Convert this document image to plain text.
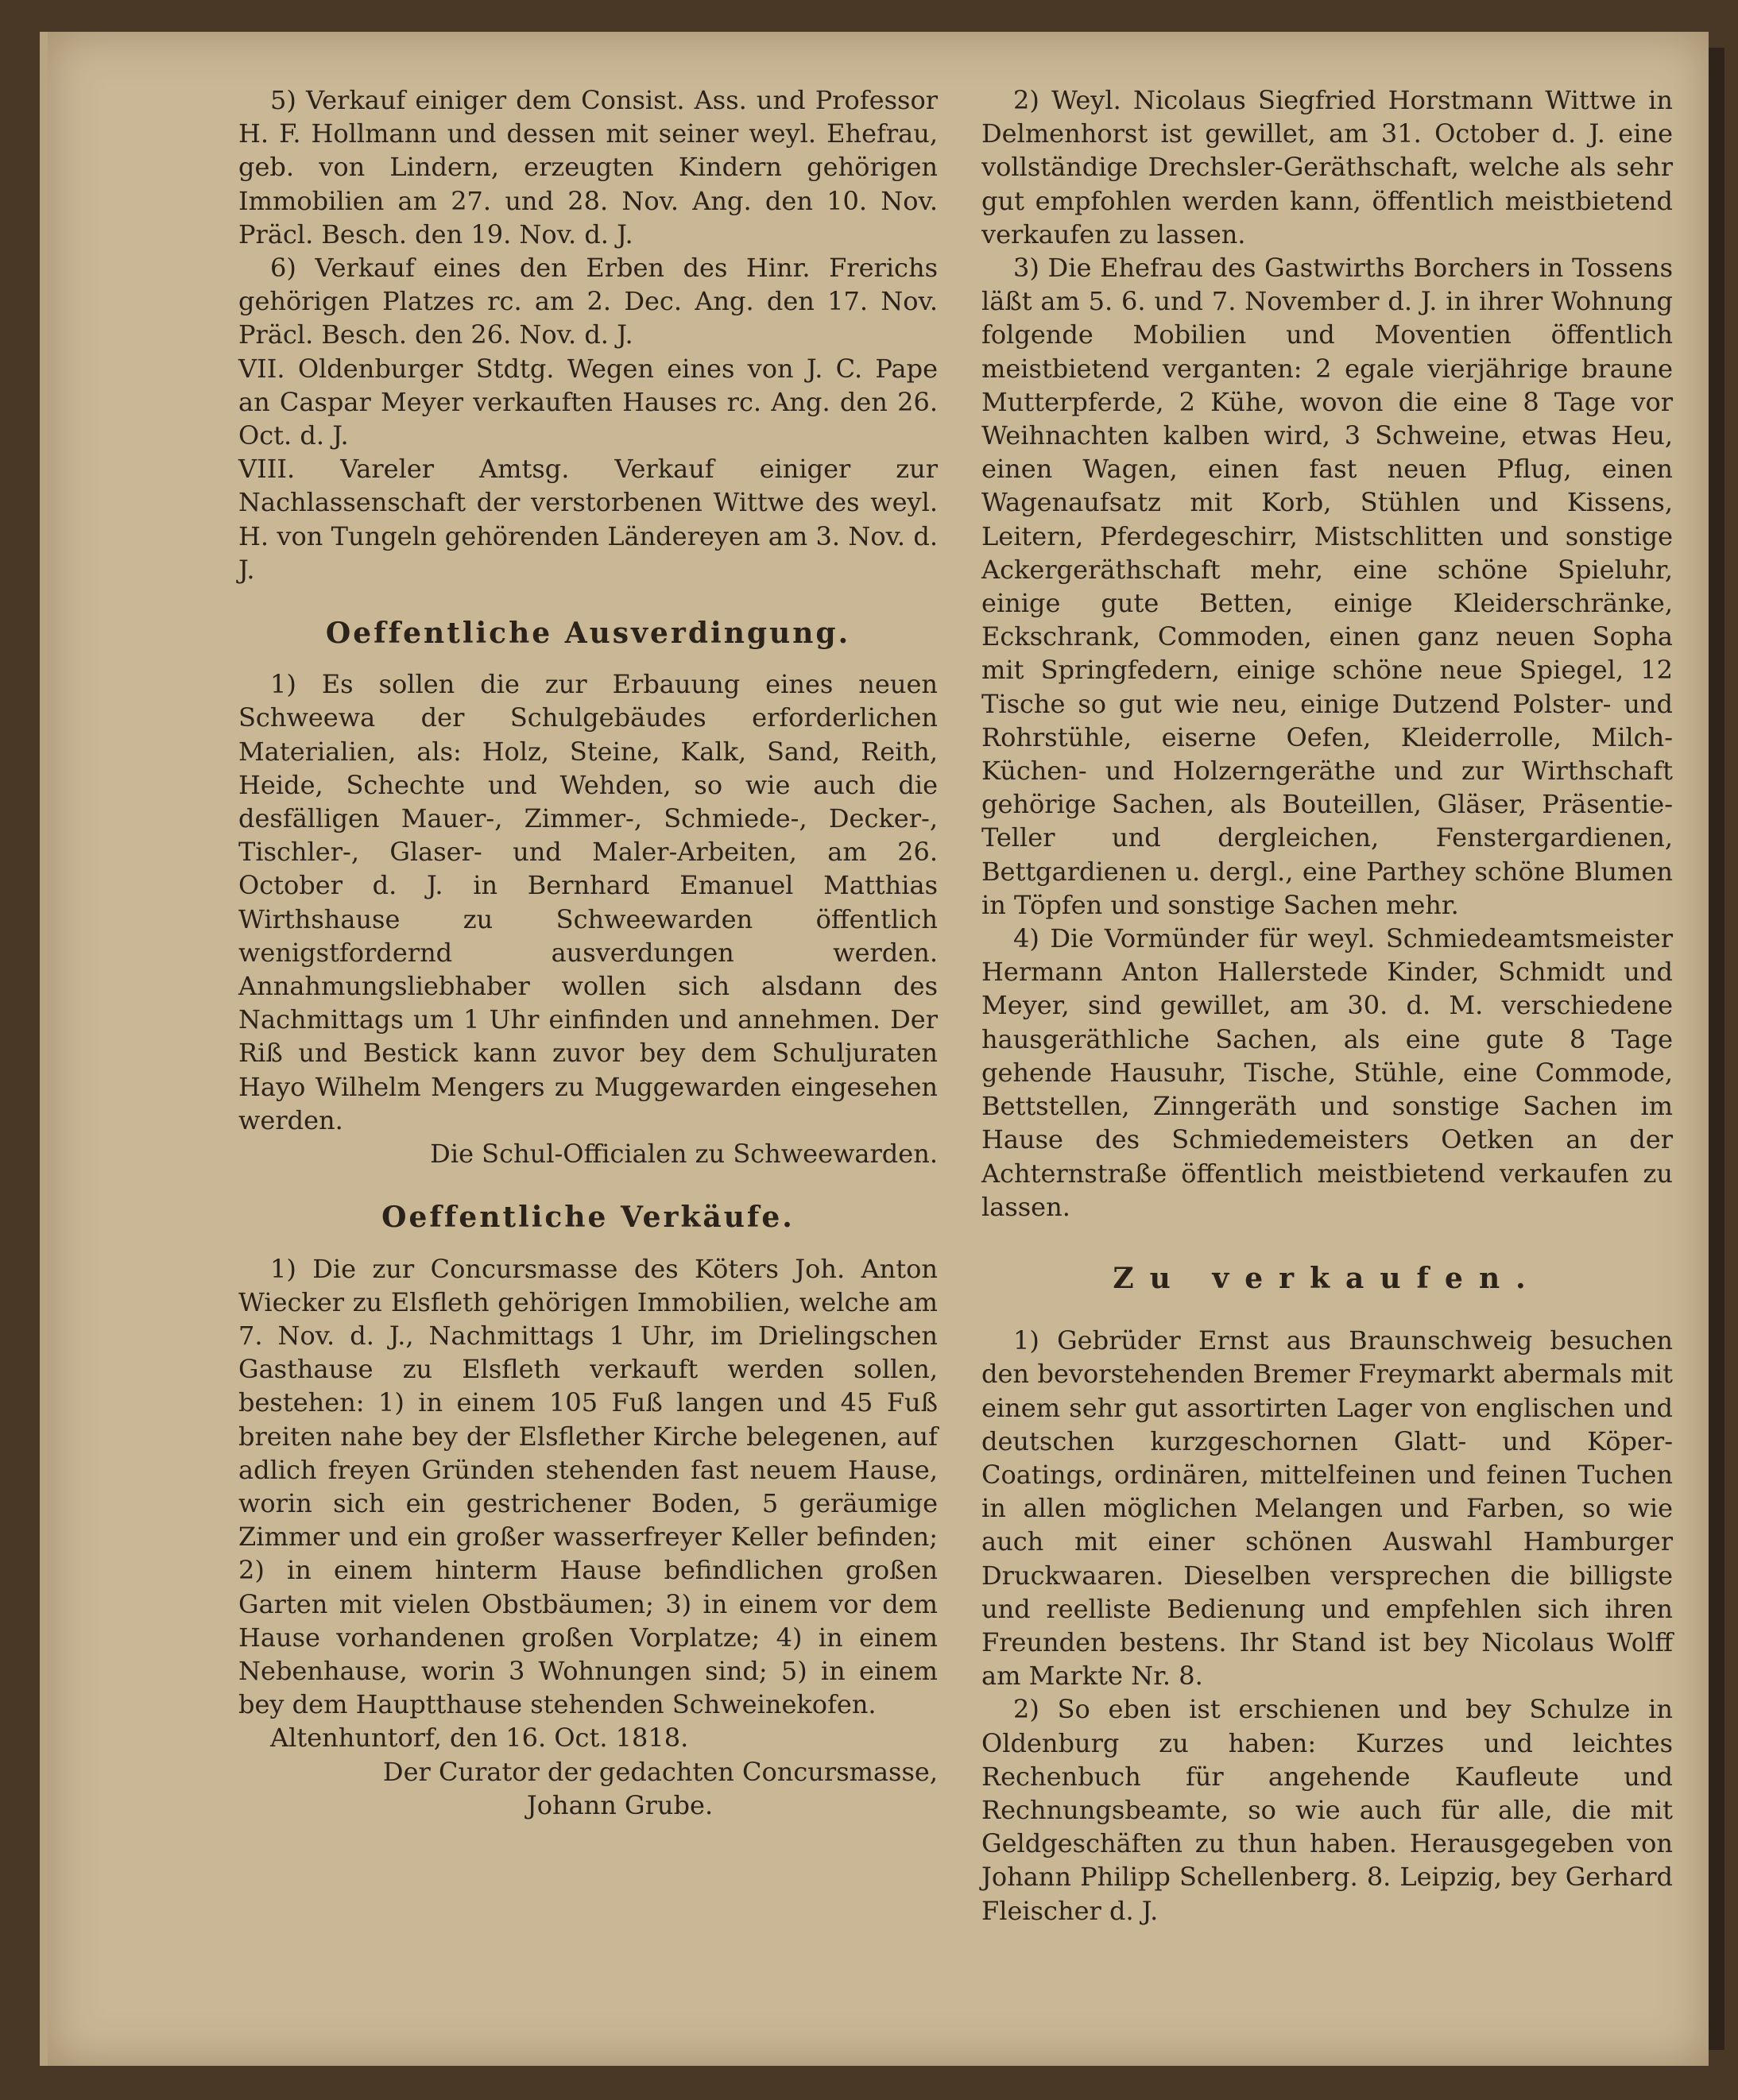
5) Verkauf einiger dem Consist. Ass. und Professor H. F. Hollmann und dessen mit seiner weyl. Ehefrau, geb. von Lindern, erzeugten Kindern gehörigen Immobilien am 27. und 28. Nov. Ang. den 10. Nov. Präcl. Besch. den 19. Nov. d. J.

6) Verkauf eines den Erben des Hinr. Frerichs gehörigen Platzes rc. am 2. Dec. Ang. den 17. Nov. Präcl. Besch. den 26. Nov. d. J.

VII. Oldenburger Stdtg. Wegen eines von J. C. Pape an Caspar Meyer verkauften Hauses rc. Ang. den 26. Oct. d. J.

VIII. Vareler Amtsg. Verkauf einiger zur Nachlassenschaft der verstorbenen Wittwe des weyl. H. von Tungeln gehörenden Ländereyen am 3. Nov. d. J.

Oeffentliche Ausverdingung.

1) Es sollen die zur Erbauung eines neuen Schweewa der Schulgebäudes erforderlichen Materialien, als: Holz, Steine, Kalk, Sand, Reith, Heide, Schechte und Wehden, so wie auch die desfälligen Mauer-, Zimmer-, Schmiede-, Decker-, Tischler-, Glaser- und Maler-Arbeiten, am 26. October d. J. in Bernhard Emanuel Matthias Wirthshause zu Schweewarden öffentlich wenigstfordernd ausverdungen werden. Annahmungsliebhaber wollen sich alsdann des Nachmittags um 1 Uhr einfinden und annehmen. Der Riß und Bestick kann zuvor bey dem Schuljuraten Hayo Wilhelm Mengers zu Muggewarden eingesehen werden.

Die Schul-Officialen zu Schweewarden.

Oeffentliche Verkäufe.

1) Die zur Concursmasse des Köters Joh. Anton Wiecker zu Elsfleth gehörigen Immobilien, welche am 7. Nov. d. J., Nachmittags 1 Uhr, im Drielingschen Gasthause zu Elsfleth verkauft werden sollen, bestehen: 1) in einem 105 Fuß langen und 45 Fuß breiten nahe bey der Elsflether Kirche belegenen, auf adlich freyen Gründen stehenden fast neuem Hause, worin sich ein gestrichener Boden, 5 geräumige Zimmer und ein großer wasserfreyer Keller befinden; 2) in einem hinterm Hause befindlichen großen Garten mit vielen Obstbäumen; 3) in einem vor dem Hause vorhandenen großen Vorplatze; 4) in einem Nebenhause, worin 3 Wohnungen sind; 5) in einem bey dem Hauptthause stehenden Schweinekofen.

Altenhuntorf, den 16. Oct. 1818.

Der Curator der gedachten Concursmasse,

Johann Grube.

2) Weyl. Nicolaus Siegfried Horstmann Wittwe in Delmenhorst ist gewillet, am 31. October d. J. eine vollständige Drechsler-Geräthschaft, welche als sehr gut empfohlen werden kann, öffentlich meistbietend verkaufen zu lassen.

3) Die Ehefrau des Gastwirths Borchers in Tossens läßt am 5. 6. und 7. November d. J. in ihrer Wohnung folgende Mobilien und Moventien öffentlich meistbietend verganten: 2 egale vierjährige braune Mutterpferde, 2 Kühe, wovon die eine 8 Tage vor Weihnachten kalben wird, 3 Schweine, etwas Heu, einen Wagen, einen fast neuen Pflug, einen Wagenaufsatz mit Korb, Stühlen und Kissens, Leitern, Pferdegeschirr, Mistschlitten und sonstige Ackergeräthschaft mehr, eine schöne Spieluhr, einige gute Betten, einige Kleiderschränke, Eckschrank, Commoden, einen ganz neuen Sopha mit Springfedern, einige schöne neue Spiegel, 12 Tische so gut wie neu, einige Dutzend Polster- und Rohrstühle, eiserne Oefen, Kleiderrolle, Milch- Küchen- und Holzerngeräthe und zur Wirthschaft gehörige Sachen, als Bouteillen, Gläser, Präsentie-Teller und dergleichen, Fenstergardienen, Bettgardienen u. dergl., eine Parthey schöne Blumen in Töpfen und sonstige Sachen mehr.

4) Die Vormünder für weyl. Schmiedeamtsmeister Hermann Anton Hallerstede Kinder, Schmidt und Meyer, sind gewillet, am 30. d. M. verschiedene hausgeräthliche Sachen, als eine gute 8 Tage gehende Hausuhr, Tische, Stühle, eine Commode, Bettstellen, Zinngeräth und sonstige Sachen im Hause des Schmiedemeisters Oetken an der Achternstraße öffentlich meistbietend verkaufen zu lassen.

Zu verkaufen.

1) Gebrüder Ernst aus Braunschweig besuchen den bevorstehenden Bremer Freymarkt abermals mit einem sehr gut assortirten Lager von englischen und deutschen kurzgeschornen Glatt- und Köper-Coatings, ordinären, mittelfeinen und feinen Tuchen in allen möglichen Melangen und Farben, so wie auch mit einer schönen Auswahl Hamburger Druckwaaren. Dieselben versprechen die billigste und reelliste Bedienung und empfehlen sich ihren Freunden bestens. Ihr Stand ist bey Nicolaus Wolff am Markte Nr. 8.

2) So eben ist erschienen und bey Schulze in Oldenburg zu haben: Kurzes und leichtes Rechenbuch für angehende Kaufleute und Rechnungsbeamte, so wie auch für alle, die mit Geldgeschäften zu thun haben. Herausgegeben von Johann Philipp Schellenberg. 8. Leipzig, bey Gerhard Fleischer d. J.
